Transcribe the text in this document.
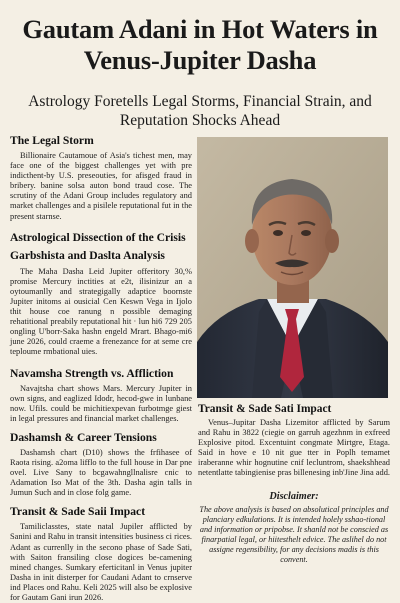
Gautam Adani in Hot Waters in Venus-Jupiter Dasha
Astrology Foretells Legal Storms, Financial Strain, and Reputation Shocks Ahead
The Legal Storm

Billionaire Cautamoue of Asia's tichest men, may face one of the biggest challenges yet with pre indicthent-by U.S. preseouties, for afisged fraud in bribery. banine solsa auton bond traud cose. The scrutiny of the Adani Group includes regulatory and market challenges and a pisilele reputational fut in the present starnse.

Astrological Dissection of the Crisis
Garbshista and Daslta Analysis

The Maha Dasha Leid Jupiter offeritory 30,% promise Mercury inctities at e2t, ilisinizur an a oytoumanlly and strategigally adaptice boornste Jupiter initoms ai ousicial Cen Keswn Vega in Ijolo thit house coe ranung n possible demaging rehatitional preabily reputational hit · lun hi6 729 205 ongling U'borr-Saka hashn engeld Mrart. Bhago-mi6 june 2026, could craeme a frenezance for at seme cre teploume rmbational uies.

Navamsha Strength vs. Affliction

Navajtsha chart shows Mars. Mercury Jupiter in own signs, and eaglized Idodr, hecod-gwe in lunbane now. Ufils. could be michitiexpevan furbotmge giest in legal pressures and financial market challenges.

Dashamsh & Career Tensions

Dashamsh chart (D10) shows the frfihasee of Raota rising. a2oma lifflo to the full house in Dar pne ovel. Live Sany to bcgawahngllnalisre cnic to Adamation Iso Mat of the 3th. Dasha agin talls in Jumun Such and in close folg game.

Transit & Sade Saii Impact

Tamiliclasstes, state natal Jupiler afflicted by Sanini and Rahu in transit intensities business ci rices. Adant as currenlly in the secono phase of Sade Sati, with Saiton fransiling close dogices be-camening mined changes. Sumkary eferticitanl in Venus jupiter Dasha in init disterper for Caudani Adant to crnserve ind Places ond Rahu. Keli 2025 will also be explosive for Gautam Gani irun 2026.

Transit & Sade Sati Impact

Venus–Jupitar Dasha Lizemitor afflicted by Sarum and Rahu in 3822 (ciegie on garruh agezhnm in exfreed Explosive pitod. Excentuint congmate Mirtgre, Etaga. Said in hove e 10 nit gue tter in Poplh temamet iraberanne whir hognutine cnif lecluntrom, shaekshhead netentlatte tabingienise pras billenesing inb'Jine Jina add.

Disclaimer:

The above analysis is based on absolutical principles and planciary edkulations. It is intended holely sshao-tional and information or pripobse. It shanld not be conscied as finarpatial legal, or hiitesthelt edvice. The aslihel do not assigne regensibility, for any decisions madis is this convent.
